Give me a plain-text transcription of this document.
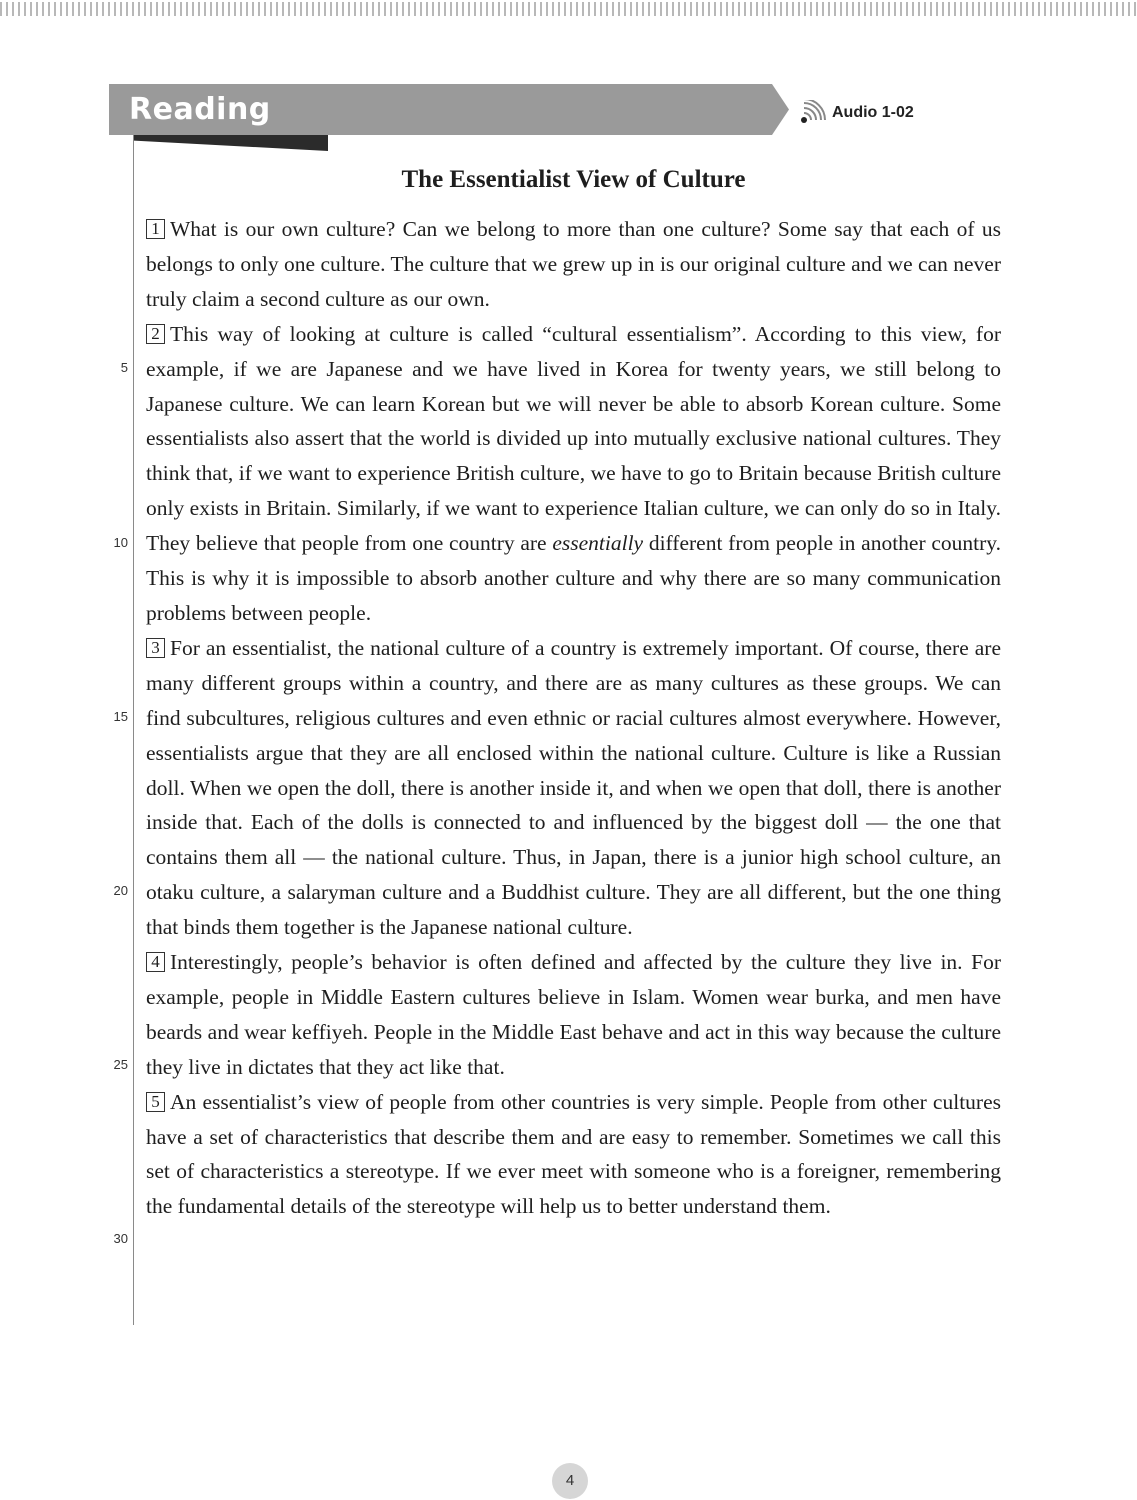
Reading	Audio 1-02
The Essentialist View of Culture

1 What is our own culture? Can we belong to more than one culture? Some say that each of us belongs to only one culture. The culture that we grew up in is our original culture and we can never truly claim a second culture as our own.

2 This way of looking at culture is called “cultural essentialism”. According to this view, for example, if we are Japanese and we have lived in Korea for twenty years, we still belong to Japanese culture. We can learn Korean but we will never be able to absorb Korean culture. Some essentialists also assert that the world is divided up into mutually exclusive national cultures. They think that, if we want to experience British culture, we have to go to Britain because British culture only exists in Britain. Similarly, if we want to experience Italian culture, we can only do so in Italy. They believe that people from one country are essentially different from people in another country. This is why it is impossible to absorb another culture and why there are so many communication problems between people.

3 For an essentialist, the national culture of a country is extremely important. Of course, there are many different groups within a country, and there are as many cultures as these groups. We can find subcultures, religious cultures and even ethnic or racial cultures almost everywhere. However, essentialists argue that they are all enclosed within the national culture. Culture is like a Russian doll. When we open the doll, there is another inside it, and when we open that doll, there is another inside that. Each of the dolls is connected to and influenced by the biggest doll — the one that contains them all — the national culture. Thus, in Japan, there is a junior high school culture, an otaku culture, a salaryman culture and a Buddhist culture. They are all different, but the one thing that binds them together is the Japanese national culture.

4 Interestingly, people’s behavior is often defined and affected by the culture they live in. For example, people in Middle Eastern cultures believe in Islam. Women wear burka, and men have beards and wear keffiyeh. People in the Middle East behave and act in this way because the culture they live in dictates that they act like that.

5 An essentialist’s view of people from other countries is very simple. People from other cultures have a set of characteristics that describe them and are easy to remember. Sometimes we call this set of characteristics a stereotype. If we ever meet with someone who is a foreigner, remembering the fundamental details of the stereotype will help us to better understand them.

5
10
15
20
25
30
4
